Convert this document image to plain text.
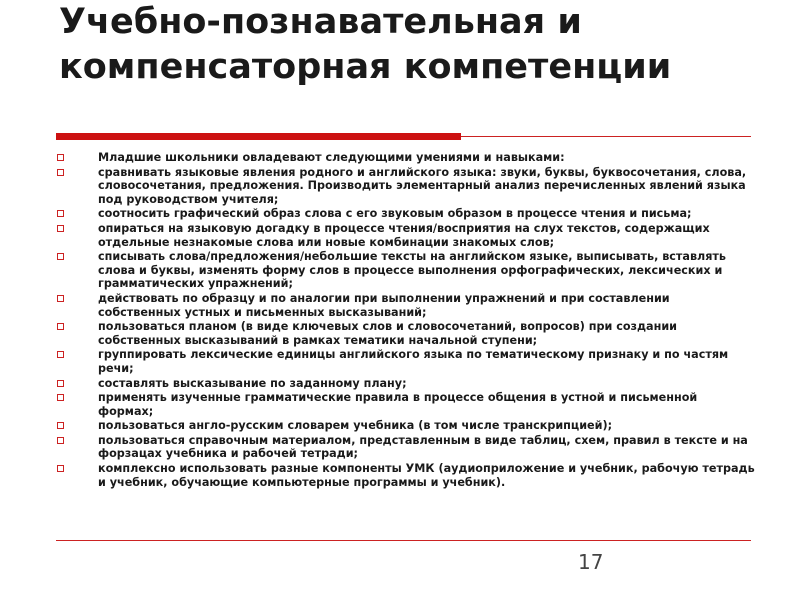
Учебно-познавательная и
компенсаторная компетенции
Младшие школьники овладевают следующими умениями и навыками:
сравнивать языковые явления родного и английского языка: звуки, буквы, буквосочетания, слова, словосочетания, предложения. Производить элементарный анализ перечисленных явлений языка под руководством учителя;
соотносить графический образ слова с его звуковым образом в процессе чтения и письма;
опираться на языковую догадку в процессе чтения/восприятия на слух текстов, содержащих отдельные незнакомые слова или новые комбинации знакомых слов;
списывать слова/предложения/небольшие тексты на английском языке, выписывать, вставлять слова и буквы, изменять форму слов в процессе выполнения орфографических, лексических и грамматических упражнений;
действовать по образцу и по аналогии при выполнении упражнений и при составлении собственных устных и письменных высказываний;
пользоваться планом (в виде ключевых слов и словосочетаний, вопросов) при создании собственных высказываний в рамках тематики начальной ступени;
группировать лексические единицы английского языка по тематическому признаку и по частям речи;
составлять высказывание по заданному плану;
применять изученные грамматические правила в процессе общения в устной и письменной формах;
пользоваться англо-русским словарем учебника (в том числе транскрипцией);
пользоваться справочным материалом, представленным в виде таблиц, схем, правил в тексте и на форзацах учебника и рабочей тетради;
комплексно использовать разные компоненты УМК (аудиоприложение и учебник, рабочую тетрадь и учебник, обучающие компьютерные программы и учебник).
17
